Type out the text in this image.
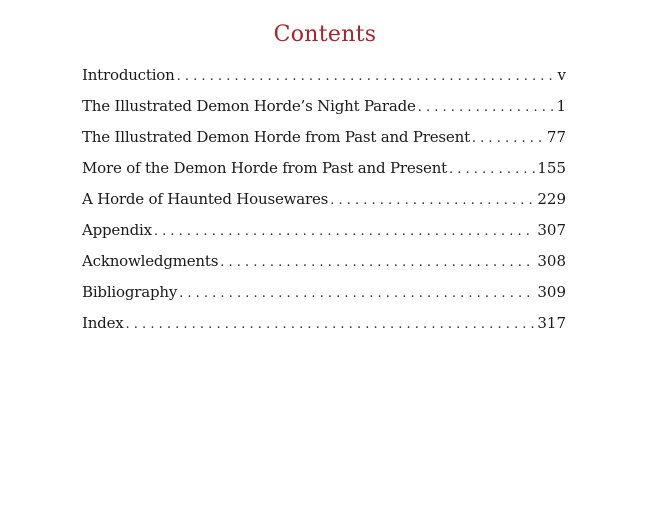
Contents
Introduction . . .	v
The Illustrated Demon Horde’s Night Parade . . .	1
The Illustrated Demon Horde from Past and Present . . .	77
More of the Demon Horde from Past and Present . . .	155
A Horde of Haunted Housewares . . .	229
Appendix . . .	307
Acknowledgments . . .	308
Bibliography . . .	309
Index . . .	317
